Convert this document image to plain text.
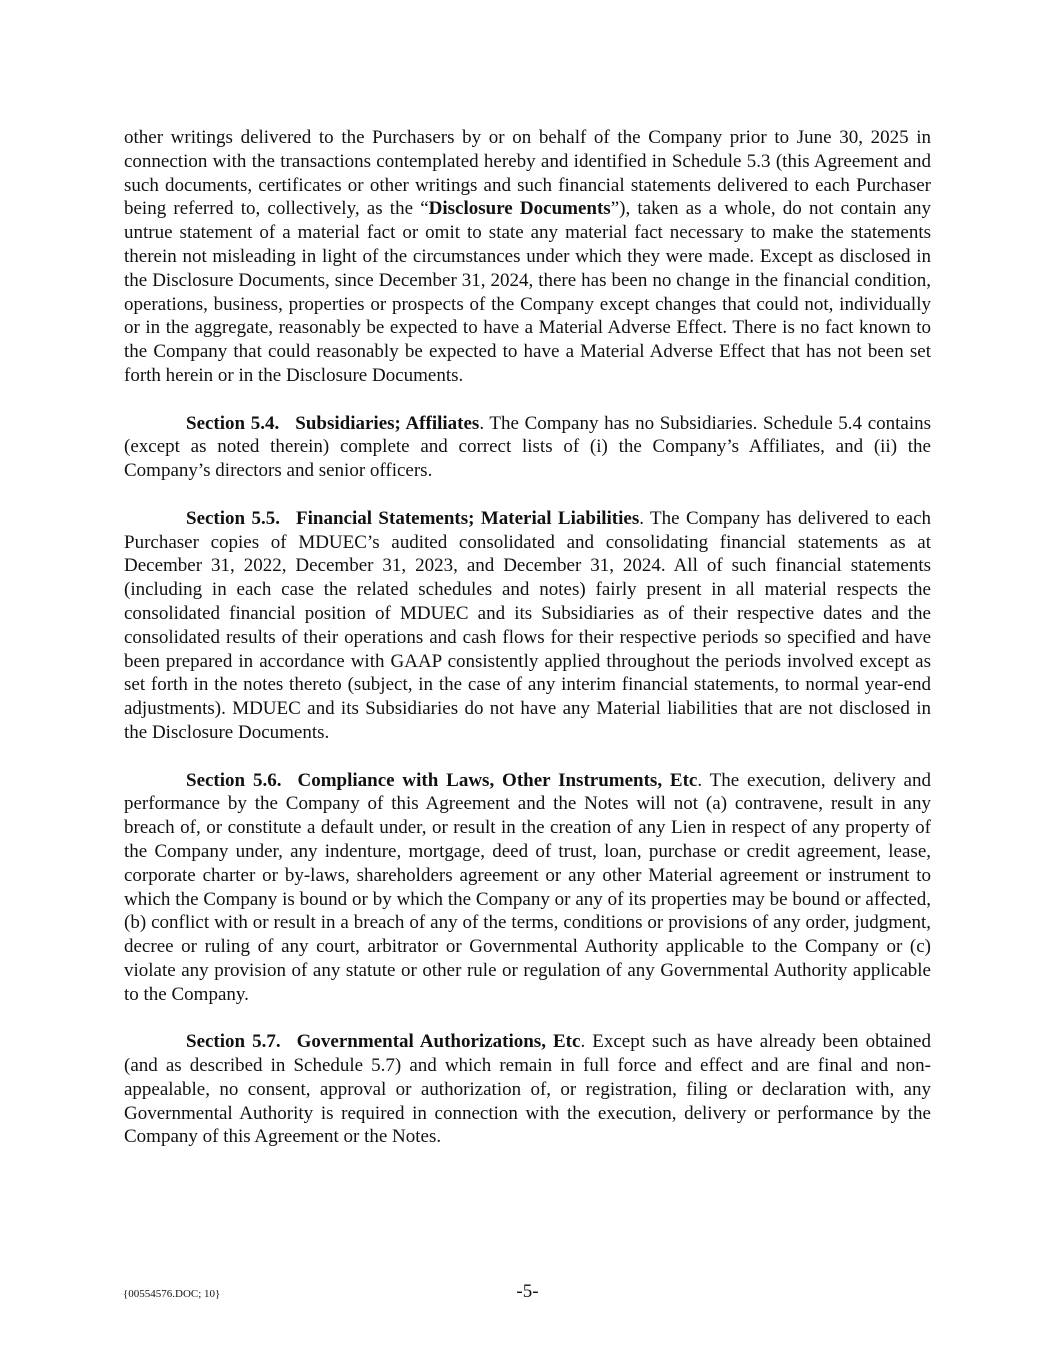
other writings delivered to the Purchasers by or on behalf of the Company prior to June 30, 2025 in connection with the transactions contemplated hereby and identified in Schedule 5.3 (this Agreement and such documents, certificates or other writings and such financial statements delivered to each Purchaser being referred to, collectively, as the “Disclosure Documents”), taken as a whole, do not contain any untrue statement of a material fact or omit to state any material fact necessary to make the statements therein not misleading in light of the circumstances under which they were made. Except as disclosed in the Disclosure Documents, since December 31, 2024, there has been no change in the financial condition, operations, business, properties or prospects of the Company except changes that could not, individually or in the aggregate, reasonably be expected to have a Material Adverse Effect. There is no fact known to the Company that could reasonably be expected to have a Material Adverse Effect that has not been set forth herein or in the Disclosure Documents.

Section 5.4. Subsidiaries; Affiliates. The Company has no Subsidiaries. Schedule 5.4 contains (except as noted therein) complete and correct lists of (i) the Company’s Affiliates, and (ii) the Company’s directors and senior officers.

Section 5.5. Financial Statements; Material Liabilities. The Company has delivered to each Purchaser copies of MDUEC’s audited consolidated and consolidating financial statements as at December 31, 2022, December 31, 2023, and December 31, 2024. All of such financial statements (including in each case the related schedules and notes) fairly present in all material respects the consolidated financial position of MDUEC and its Subsidiaries as of their respective dates and the consolidated results of their operations and cash flows for their respective periods so specified and have been prepared in accordance with GAAP consistently applied throughout the periods involved except as set forth in the notes thereto (subject, in the case of any interim financial statements, to normal year-end adjustments). MDUEC and its Subsidiaries do not have any Material liabilities that are not disclosed in the Disclosure Documents.

Section 5.6. Compliance with Laws, Other Instruments, Etc. The execution, delivery and performance by the Company of this Agreement and the Notes will not (a) contravene, result in any breach of, or constitute a default under, or result in the creation of any Lien in respect of any property of the Company under, any indenture, mortgage, deed of trust, loan, purchase or credit agreement, lease, corporate charter or by-laws, shareholders agreement or any other Material agreement or instrument to which the Company is bound or by which the Company or any of its properties may be bound or affected, (b) conflict with or result in a breach of any of the terms, conditions or provisions of any order, judgment, decree or ruling of any court, arbitrator or Governmental Authority applicable to the Company or (c) violate any provision of any statute or other rule or regulation of any Governmental Authority applicable to the Company.

Section 5.7. Governmental Authorizations, Etc. Except such as have already been obtained (and as described in Schedule 5.7) and which remain in full force and effect and are final and non-appealable, no consent, approval or authorization of, or registration, filing or declaration with, any Governmental Authority is required in connection with the execution, delivery or performance by the Company of this Agreement or the Notes.

{00554576.DOC; 10}	-5-
